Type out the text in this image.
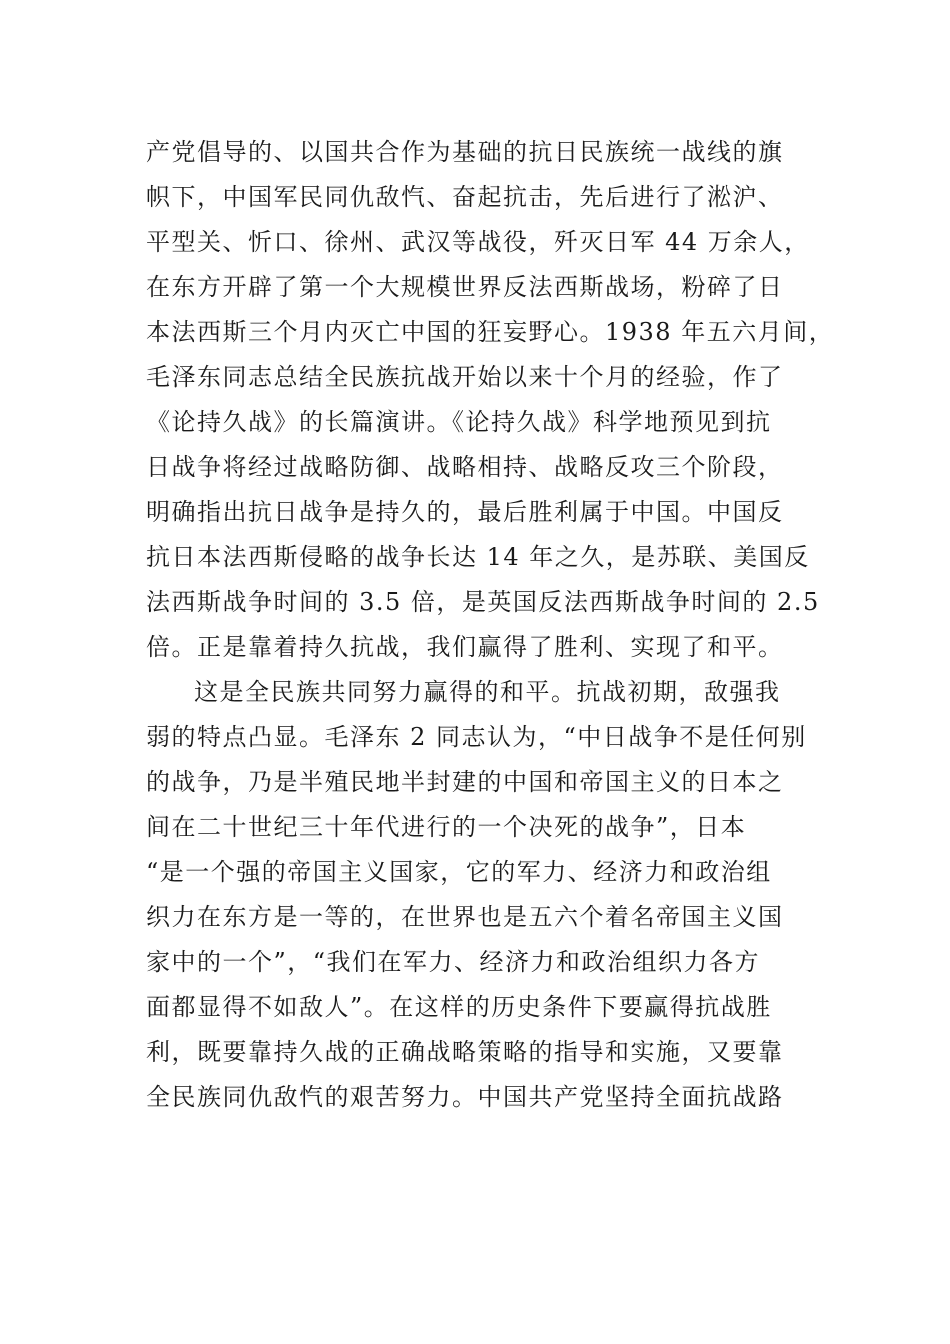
产党倡导的、以国共合作为基础的抗日民族统一战线的旗
帜下，中国军民同仇敌忾、奋起抗击，先后进行了淞沪、
平型关、忻口、徐州、武汉等战役，歼灭日军 44 万余人，
在东方开辟了第一个大规模世界反法西斯战场，粉碎了日
本法西斯三个月内灭亡中国的狂妄野心。1938 年五六月间，
毛泽东同志总结全民族抗战开始以来十个月的经验，作了
《论持久战》的长篇演讲。《论持久战》科学地预见到抗
日战争将经过战略防御、战略相持、战略反攻三个阶段，
明确指出抗日战争是持久的，最后胜利属于中国。中国反
抗日本法西斯侵略的战争长达 14 年之久，是苏联、美国反
法西斯战争时间的 3.5 倍，是英国反法西斯战争时间的 2.5
倍。正是靠着持久抗战，我们赢得了胜利、实现了和平。
这是全民族共同努力赢得的和平。抗战初期，敌强我
弱的特点凸显。毛泽东 2 同志认为，“中日战争不是任何别
的战争，乃是半殖民地半封建的中国和帝国主义的日本之
间在二十世纪三十年代进行的一个决死的战争”，日本
“是一个强的帝国主义国家，它的军力、经济力和政治组
织力在东方是一等的，在世界也是五六个着名帝国主义国
家中的一个”，“我们在军力、经济力和政治组织力各方
面都显得不如敌人”。在这样的历史条件下要赢得抗战胜
利，既要靠持久战的正确战略策略的指导和实施，又要靠
全民族同仇敌忾的艰苦努力。中国共产党坚持全面抗战路
